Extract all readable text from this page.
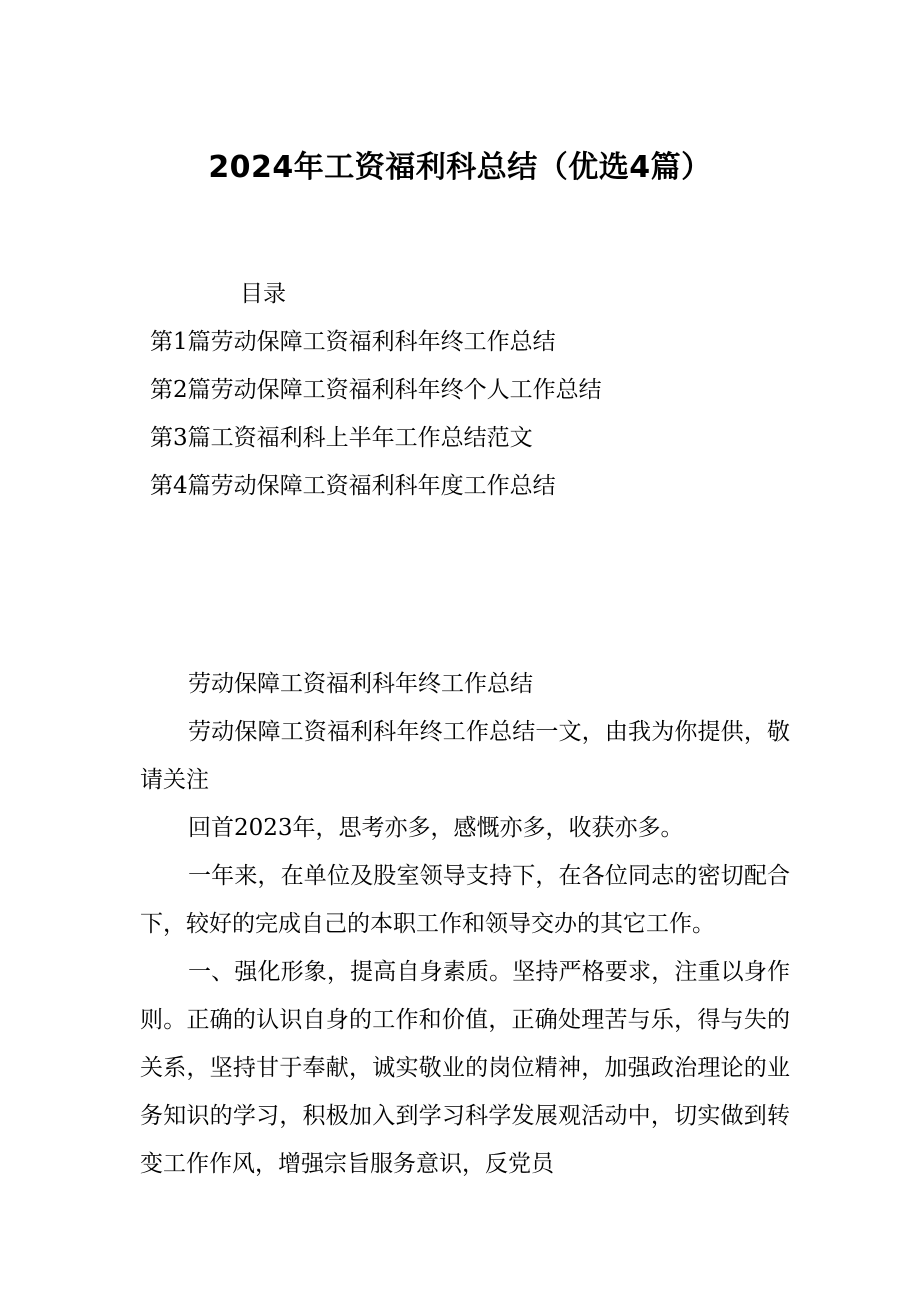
2024年工资福利科总结（优选4篇）
目录
第1篇劳动保障工资福利科年终工作总结
第2篇劳动保障工资福利科年终个人工作总结
第3篇工资福利科上半年工作总结范文
第4篇劳动保障工资福利科年度工作总结

劳动保障工资福利科年终工作总结

劳动保障工资福利科年终工作总结一文，由我为你提供，敬请关注

回首2023年，思考亦多，感慨亦多，收获亦多。

一年来，在单位及股室领导支持下，在各位同志的密切配合下，较好的完成自己的本职工作和领导交办的其它工作。

一、强化形象，提高自身素质。坚持严格要求，注重以身作则。正确的认识自身的工作和价值，正确处理苦与乐，得与失的关系，坚持甘于奉献，诚实敬业的岗位精神，加强政治理论的业务知识的学习，积极加入到学习科学发展观活动中，切实做到转变工作作风，增强宗旨服务意识，反党员
